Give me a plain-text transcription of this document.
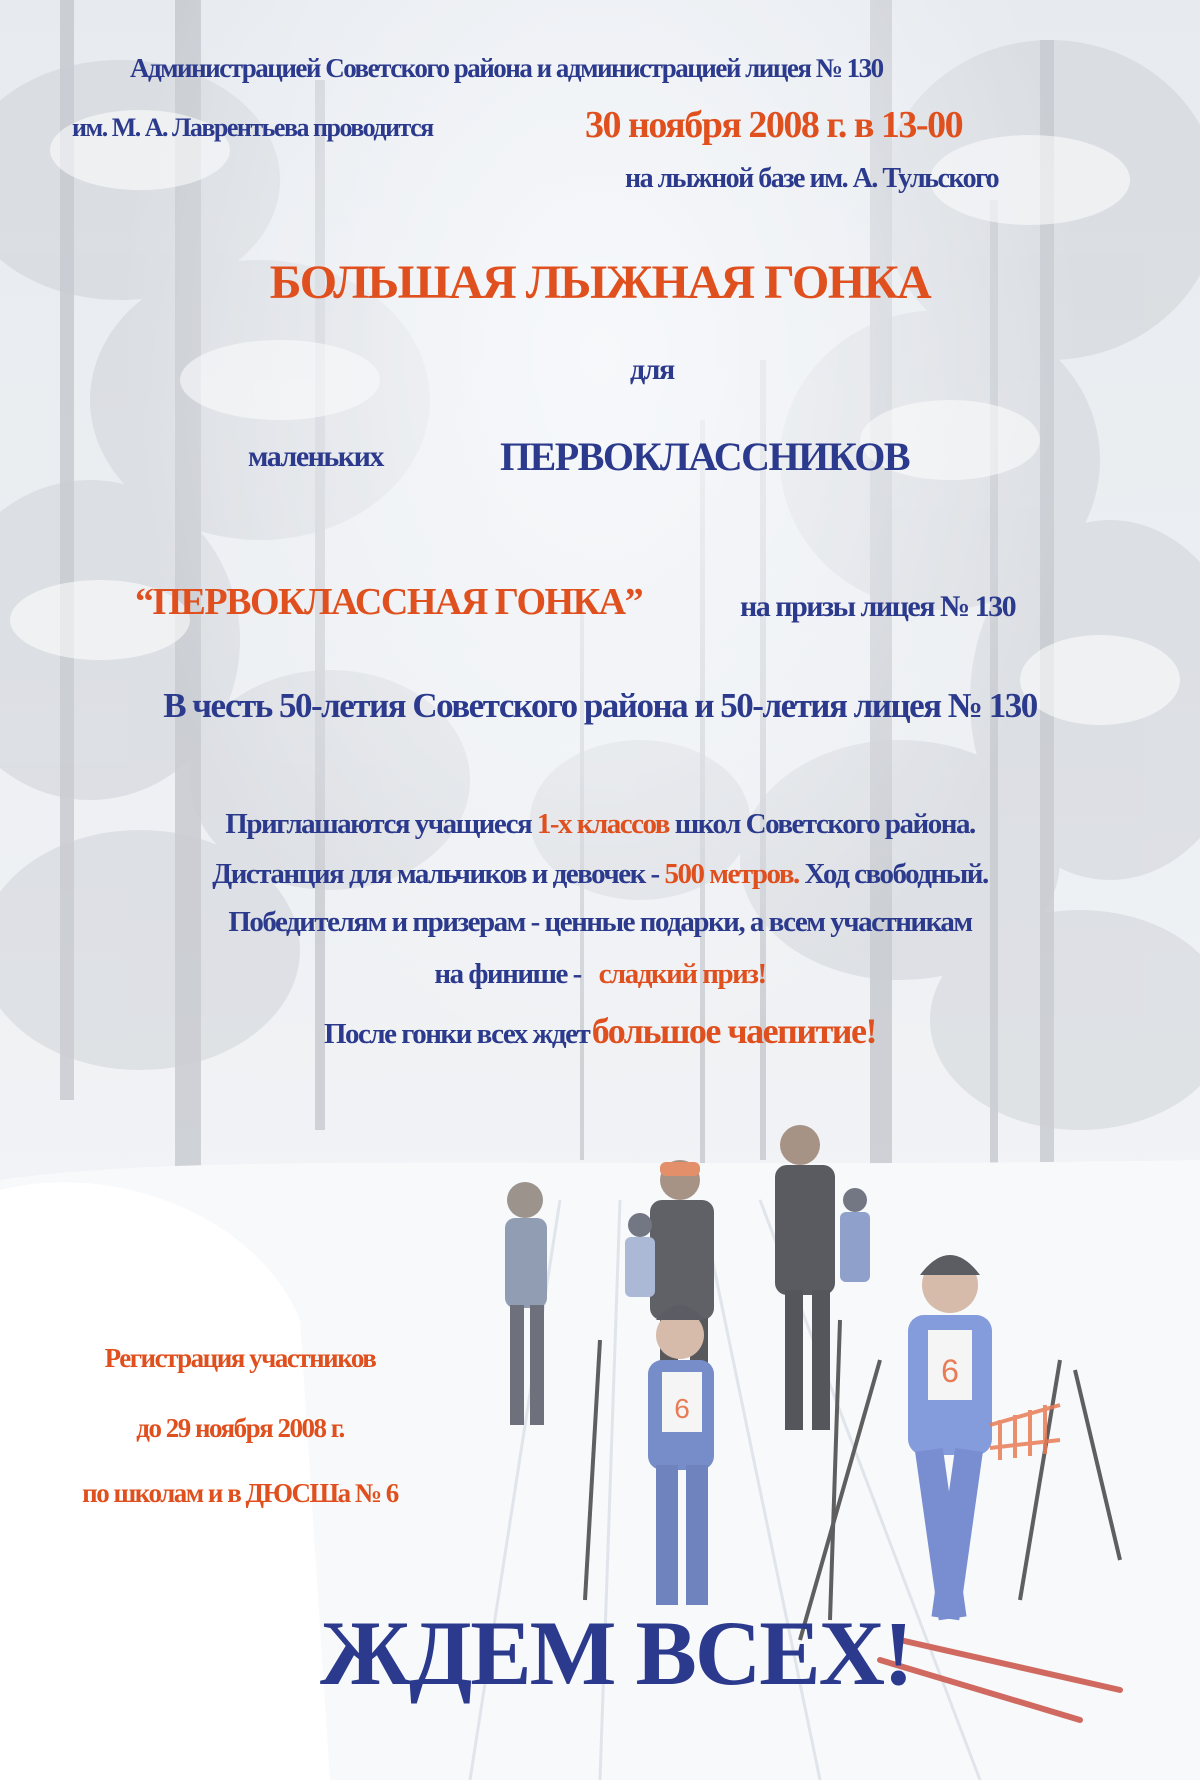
6
6
Администрацией Советского района и администрацией лицея № 130
им. М. А. Лаврентьева проводится	30 ноября 2008 г. в 13-00
на лыжной базе им. А. Тульского
БОЛЬШАЯ ЛЫЖНАЯ ГОНКА
для
маленьких	ПЕРВОКЛАССНИКОВ
“ПЕРВОКЛАССНАЯ ГОНКА”	на призы лицея № 130
В честь 50-летия Советского района и 50-летия лицея № 130
Приглашаются учащиеся 1-х классов школ Советского района.
Дистанция для мальчиков и девочек - 500 метров. Ход свободный.
Победителям и призерам - ценные подарки, а всем участникам
на финише - сладкий приз!
После гонки всех ждет большое чаепитие!
Регистрация участников
до 29 ноября 2008 г.
по школам и в ДЮСШа № 6
ЖДЕМ ВСЕХ!
